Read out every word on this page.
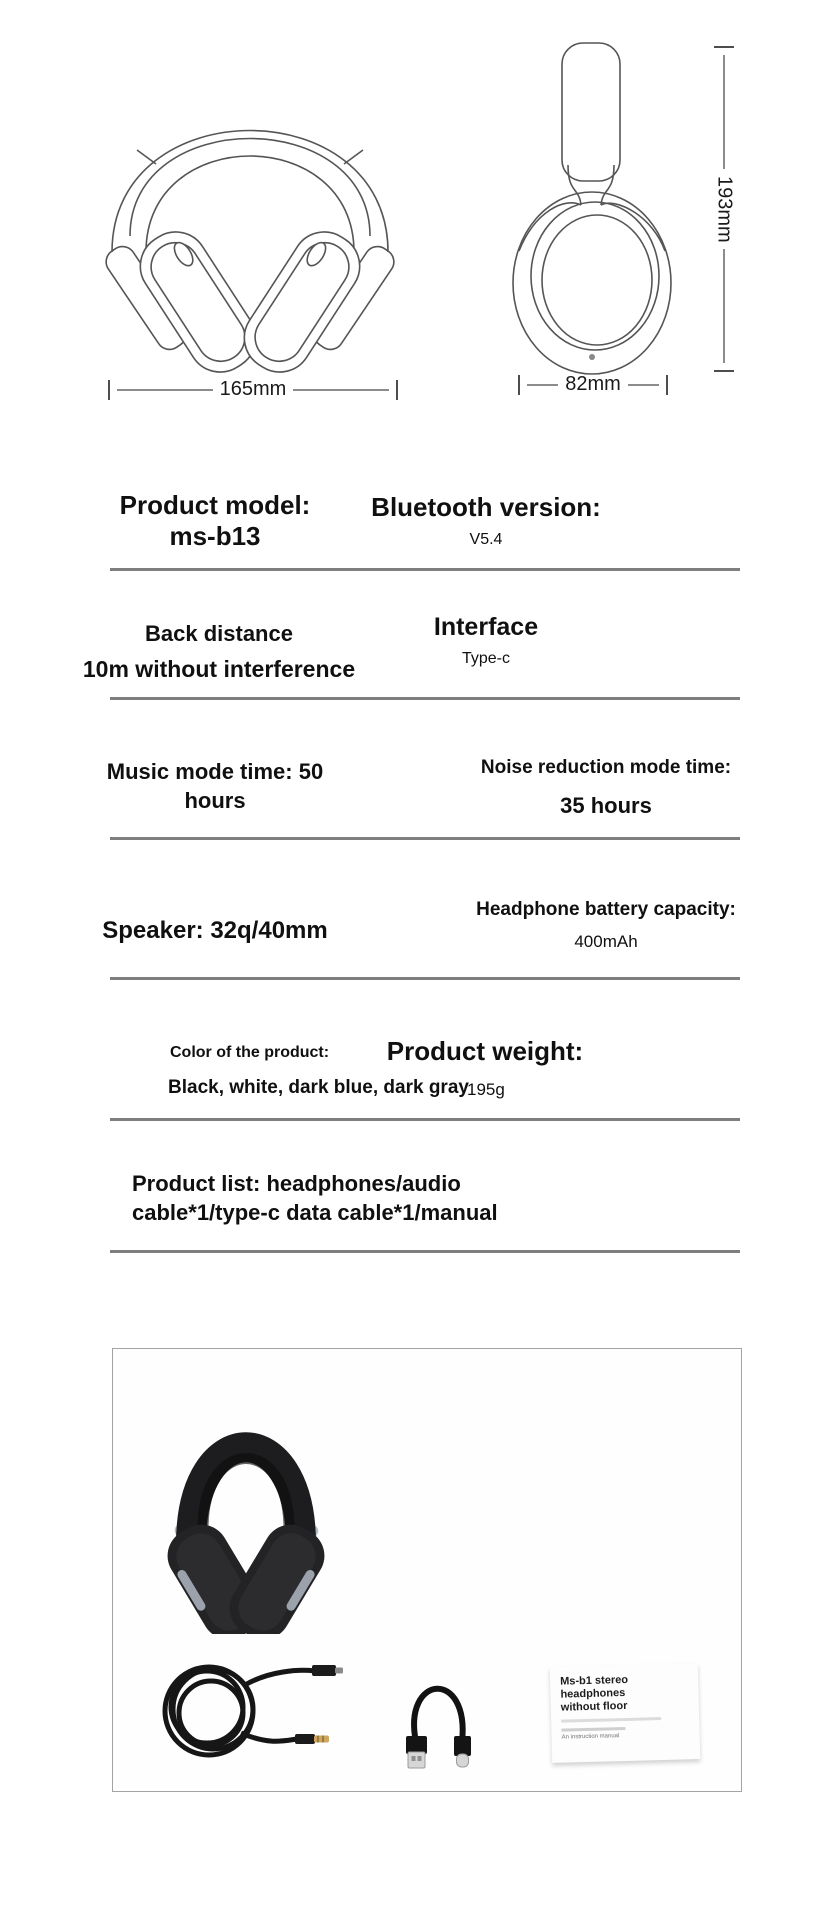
165mm	82mm
193mm
Product model:
ms-b13
Bluetooth version:
V5.4
Back distance
10m without interference
Interface
Type-c
Music mode time: 50 hours
Noise reduction mode time:
35 hours
Speaker: 32q/40mm
Headphone battery capacity:
400mAh
Color of the product:
Black, white, dark blue, dark gray
Product weight:
195g
Product list: headphones/audio cable*1/type-c data cable*1/manual
Ms-b1 stereo headphones without floor
An instruction manual
